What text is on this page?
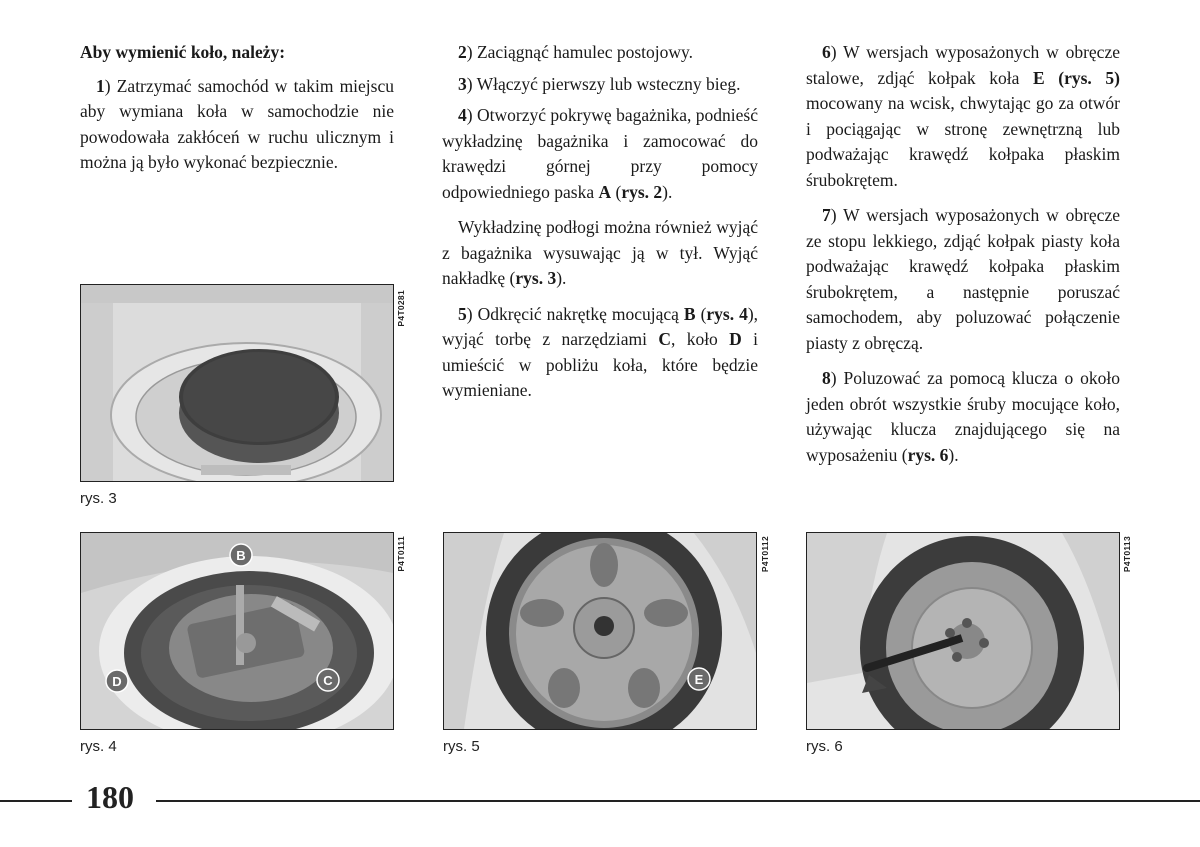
Aby wymienić koło, należy:

1) Zatrzymać samochód w takim miejscu aby wymiana koła w samochodzie nie powodowała zakłóceń w ruchu ulicznym i można ją było wykonać bezpiecznie.

2) Zaciągnąć hamulec postojowy.

3) Włączyć pierwszy lub wsteczny bieg.

4) Otworzyć pokrywę bagażnika, podnieść wykładzinę bagażnika i zamocować do krawędzi górnej przy pomocy odpowiedniego paska A (rys. 2).

Wykładzinę podłogi można również wyjąć z bagażnika wysuwając ją w tył. Wyjąć nakładkę (rys. 3).

5) Odkręcić nakrętkę mocującą B (rys. 4), wyjąć torbę z narzędziami C, koło D i umieścić w pobliżu koła, które będzie wymieniane.

6) W wersjach wyposażonych w obręcze stalowe, zdjąć kołpak koła E (rys. 5) mocowany na wcisk, chwytając go za otwór i pociągając w stronę zewnętrzną lub podważając krawędź kołpaka płaskim śrubokrętem.

7) W wersjach wyposażonych w obręcze ze stopu lekkiego, zdjąć kołpak piasty koła podważając krawędź kołpaka płaskim śrubokrętem, a następnie poruszać samochodem, aby poluzować połączenie piasty z obręczą.

8) Poluzować za pomocą klucza o około jeden obrót wszystkie śruby mocujące koło, używając klucza znajdującego się na wyposażeniu (rys. 6).

P4T0281
rys. 3
B
C
D
P4T0111
rys. 4
E
P4T0112
rys. 5
P4T0113
rys. 6
180
